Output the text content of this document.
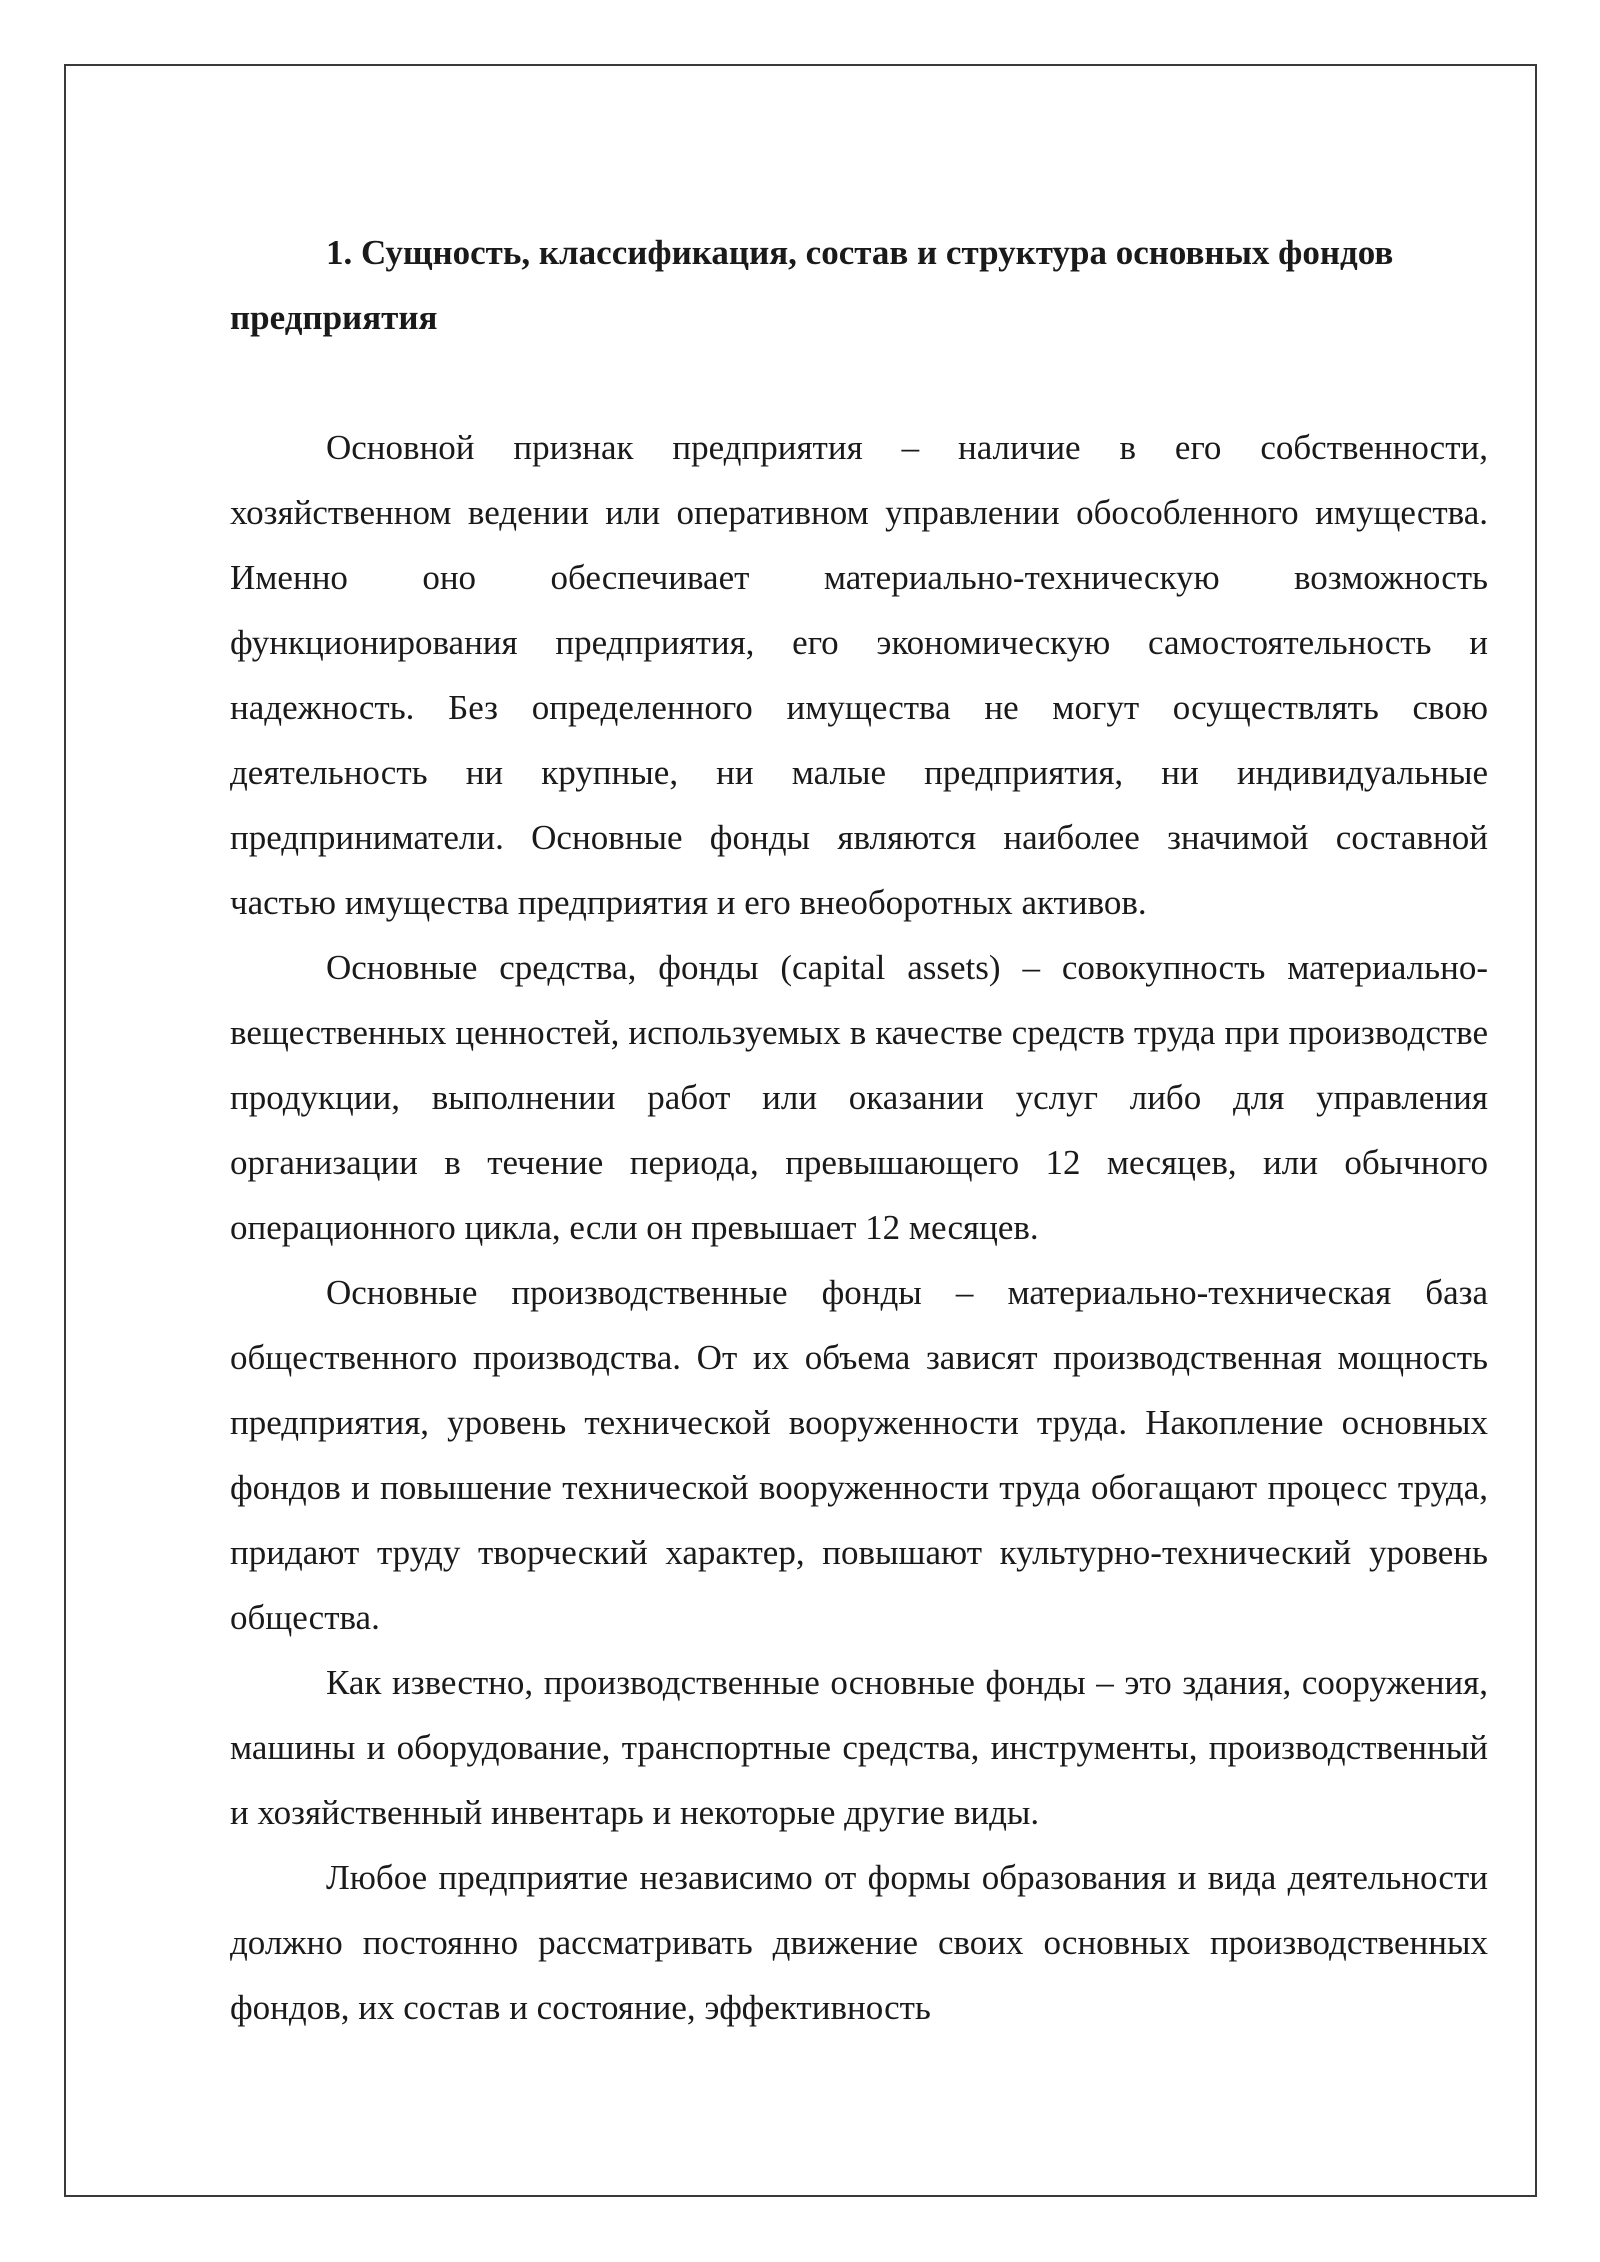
1. Сущность, классификация, состав и структура основных фондов предприятия

Основной признак предприятия – наличие в его собственности, хозяйственном ведении или оперативном управлении обособленного имущества. Именно оно обеспечивает материально-техническую возможность функционирования предприятия, его экономическую самостоятельность и надежность. Без определенного имущества не могут осуществлять свою деятельность ни крупные, ни малые предприятия, ни индивидуальные предприниматели. Основные фонды являются наиболее значимой составной частью имущества предприятия и его внеоборотных активов.

Основные средства, фонды (capital assets) – совокупность материально-вещественных ценностей, используемых в качестве средств труда при производстве продукции, выполнении работ или оказании услуг либо для управления организации в течение периода, превышающего 12 месяцев, или обычного операционного цикла, если он превышает 12 месяцев.

Основные производственные фонды – материально-техническая база общественного производства. От их объема зависят производственная мощность предприятия, уровень технической вооруженности труда. Накопление основных фондов и повышение технической вооруженности труда обогащают процесс труда, придают труду творческий характер, повышают культурно-технический уровень общества.

Как известно, производственные основные фонды – это здания, сооружения, машины и оборудование, транспортные средства, инструменты, производственный и хозяйственный инвентарь и некоторые другие виды.

Любое предприятие независимо от формы образования и вида деятельности должно постоянно рассматривать движение своих основных производственных фондов, их состав и состояние, эффективность
